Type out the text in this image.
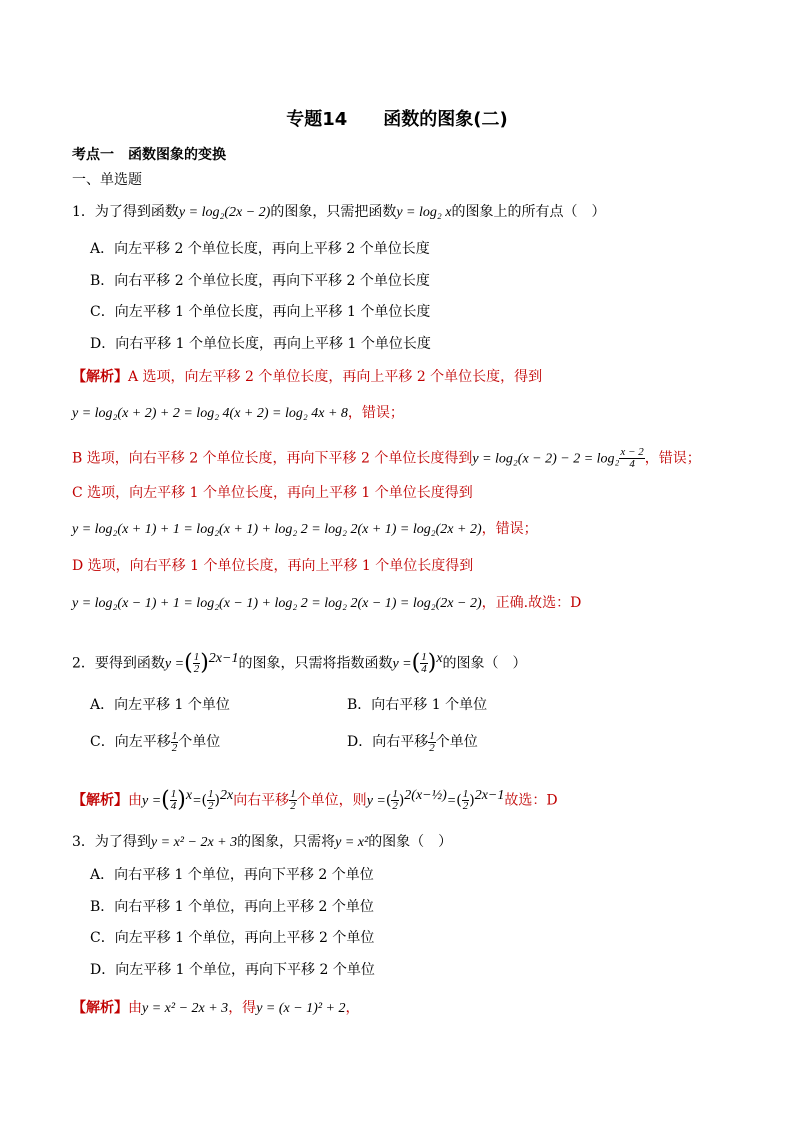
专题14　　函数的图象(二)
考点一　函数图象的变换
一、单选题
1．为了得到函数y = log₂(2x − 2)的图象，只需把函数y = log₂ x的图象上的所有点（　）
A．向左平移 2 个单位长度，再向上平移 2 个单位长度
B．向右平移 2 个单位长度，再向下平移 2 个单位长度
C．向左平移 1 个单位长度，再向上平移 1 个单位长度
D．向右平移 1 个单位长度，再向上平移 1 个单位长度
【解析】A 选项，向左平移 2 个单位长度，再向上平移 2 个单位长度，得到
y = log₂(x + 2) + 2 = log₂ 4(x + 2) = log₂ 4x + 8，错误；
B 选项，向右平移 2 个单位长度，再向下平移 2 个单位长度得到$y = \log_2(x - 2) - 2 = \log_2 \frac{x - 2}{4}$ ，错误；
C 选项，向左平移 1 个单位长度，再向上平移 1 个单位长度得到
y = log₂(x + 1) + 1 = log₂(x + 1) + log₂ 2 = log₂ 2(x + 1) = log₂(2x + 2)，错误；
D 选项，向右平移 1 个单位长度，再向上平移 1 个单位长度得到
y = log₂(x − 1) + 1 = log₂(x − 1) + log₂ 2 = log₂ 2(x − 1) = log₂(2x − 2)，正确.故选：D
2．要得到函数y =( $\frac{1}{2} )^{2x-1}$的图象，只需将指数函数y =( $\frac{1}{4} )^x$的图象（　）
A．向左平移 1 个单位	B．向右平移 1 个单位
C．向左平移 $\frac{1}{2}$ 个单位	D．向右平移 $\frac{1}{2}$ 个单位
【解析】由y =( $\frac{1}{4} )^x=( \frac{1}{2} )^{2x}$向右平移 $\frac{1}{2}$ 个单位，则y =( $\frac{1}{2} )^{2(x-\frac{1}{2})}=( \frac{1}{2} )^{2x-1}$故选：D
3．为了得到y = x² − 2x + 3的图象，只需将y = x²的图象（　）
A．向右平移 1 个单位，再向下平移 2 个单位
B．向右平移 1 个单位，再向上平移 2 个单位
C．向左平移 1 个单位，再向上平移 2 个单位
D．向左平移 1 个单位，再向下平移 2 个单位
【解析】由y = x² − 2x + 3，得y = (x − 1)² + 2，
